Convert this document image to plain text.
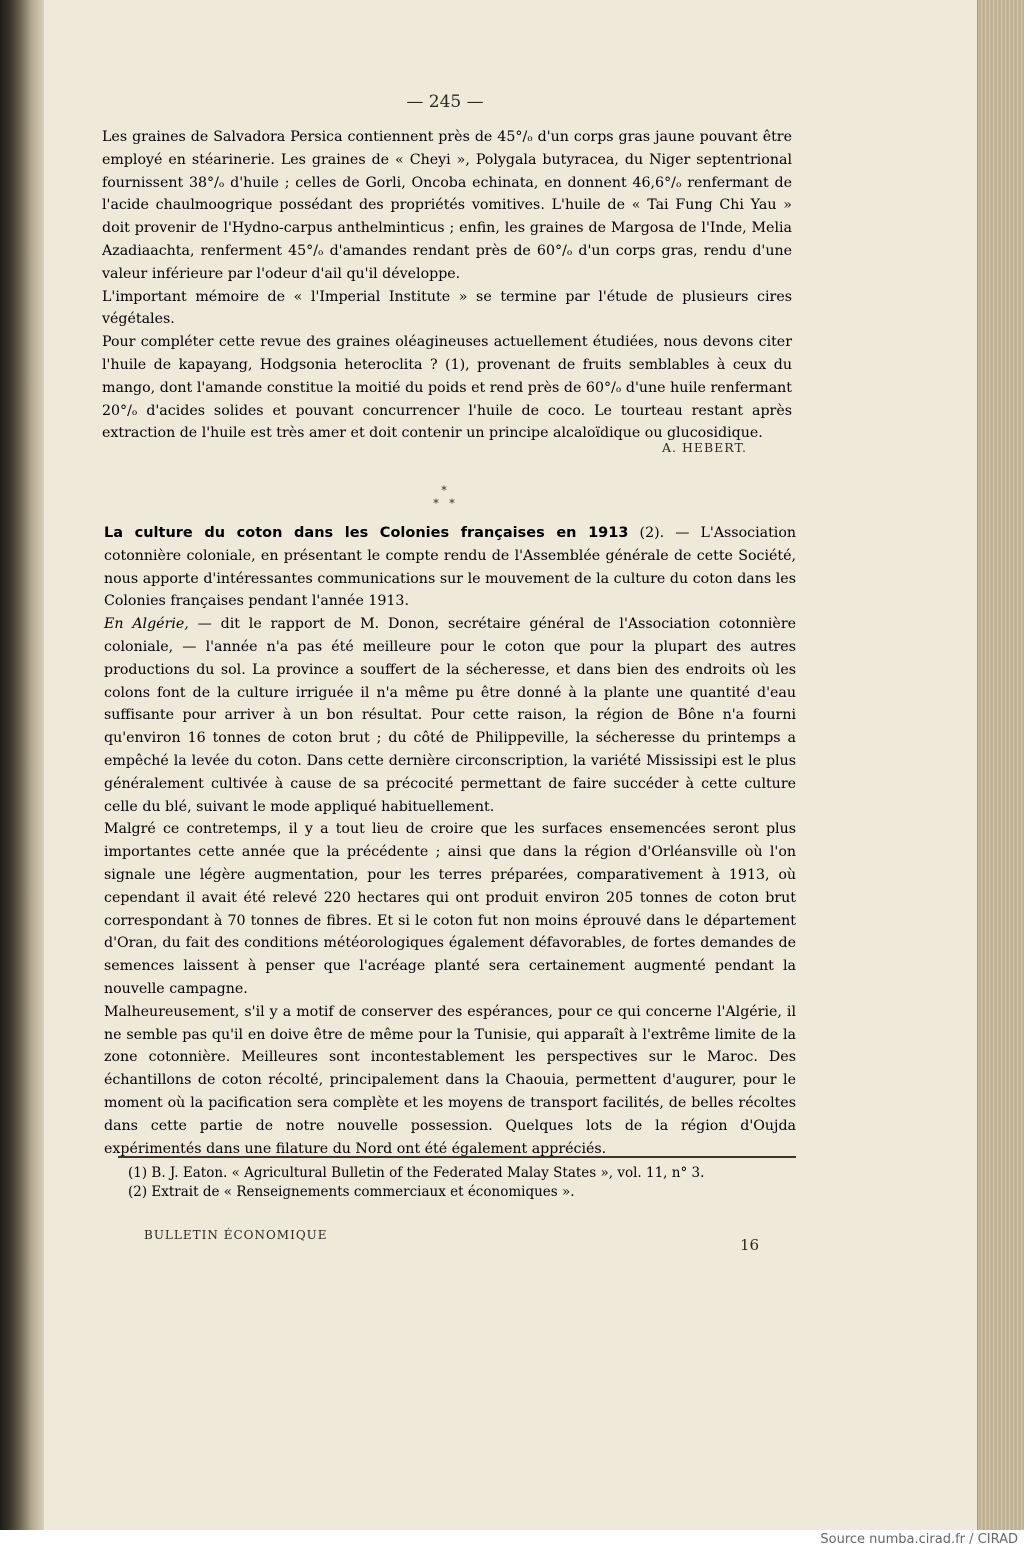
— 245 —

Les graines de Salvadora Persica contiennent près de 45°/ₒ d'un corps gras jaune pouvant être employé en stéarinerie. Les graines de « Cheyi », Polygala butyracea, du Niger septentrional fournissent 38°/ₒ d'huile ; celles de Gorli, Oncoba echinata, en donnent 46,6°/ₒ renfermant de l'acide chaulmoogrique possédant des propriétés vomitives. L'huile de « Tai Fung Chi Yau » doit provenir de l'Hydno-carpus anthelminticus ; enfin, les graines de Margosa de l'Inde, Melia Azadiaachta, renferment 45°/ₒ d'amandes rendant près de 60°/ₒ d'un corps gras, rendu d'une valeur inférieure par l'odeur d'ail qu'il développe.

L'important mémoire de « l'Imperial Institute » se termine par l'étude de plusieurs cires végétales.

Pour compléter cette revue des graines oléagineuses actuellement étudiées, nous devons citer l'huile de kapayang, Hodgsonia heteroclita ? (1), provenant de fruits semblables à ceux du mango, dont l'amande constitue la moitié du poids et rend près de 60°/ₒ d'une huile renfermant 20°/ₒ d'acides solides et pouvant concurrencer l'huile de coco. Le tourteau restant après extraction de l'huile est très amer et doit contenir un principe alcaloïdique ou glucosidique.

A. HEBERT.
*
*   *

La culture du coton dans les Colonies françaises en 1913 (2). — L'Association cotonnière coloniale, en présentant le compte rendu de l'Assemblée générale de cette Société, nous apporte d'intéressantes communications sur le mouvement de la culture du coton dans les Colonies françaises pendant l'année 1913.

En Algérie, — dit le rapport de M. Donon, secrétaire général de l'Association cotonnière coloniale, — l'année n'a pas été meilleure pour le coton que pour la plupart des autres productions du sol. La province a souffert de la sécheresse, et dans bien des endroits où les colons font de la culture irriguée il n'a même pu être donné à la plante une quantité d'eau suffisante pour arriver à un bon résultat. Pour cette raison, la région de Bône n'a fourni qu'environ 16 tonnes de coton brut ; du côté de Philippeville, la sécheresse du printemps a empêché la levée du coton. Dans cette dernière circonscription, la variété Mississipi est le plus généralement cultivée à cause de sa précocité permettant de faire succéder à cette culture celle du blé, suivant le mode appliqué habituellement.

Malgré ce contretemps, il y a tout lieu de croire que les surfaces ensemencées seront plus importantes cette année que la précédente ; ainsi que dans la région d'Orléansville où l'on signale une légère augmentation, pour les terres préparées, comparativement à 1913, où cependant il avait été relevé 220 hectares qui ont produit environ 205 tonnes de coton brut correspondant à 70 tonnes de fibres. Et si le coton fut non moins éprouvé dans le département d'Oran, du fait des conditions météorologiques également défavorables, de fortes demandes de semences laissent à penser que l'acréage planté sera certainement augmenté pendant la nouvelle campagne.

Malheureusement, s'il y a motif de conserver des espérances, pour ce qui concerne l'Algérie, il ne semble pas qu'il en doive être de même pour la Tunisie, qui apparaît à l'extrême limite de la zone cotonnière. Meilleures sont incontestablement les perspectives sur le Maroc. Des échantillons de coton récolté, principalement dans la Chaouia, permettent d'augurer, pour le moment où la pacification sera complète et les moyens de transport facilités, de belles récoltes dans cette partie de notre nouvelle possession. Quelques lots de la région d'Oujda expérimentés dans une filature du Nord ont été également appréciés.

(1) B. J. Eaton. « Agricultural Bulletin of the Federated Malay States », vol. 11, n° 3.

(2) Extrait de « Renseignements commerciaux et économiques ».

BULLETIN ÉCONOMIQUE
16
Source numba.cirad.fr / CIRAD
